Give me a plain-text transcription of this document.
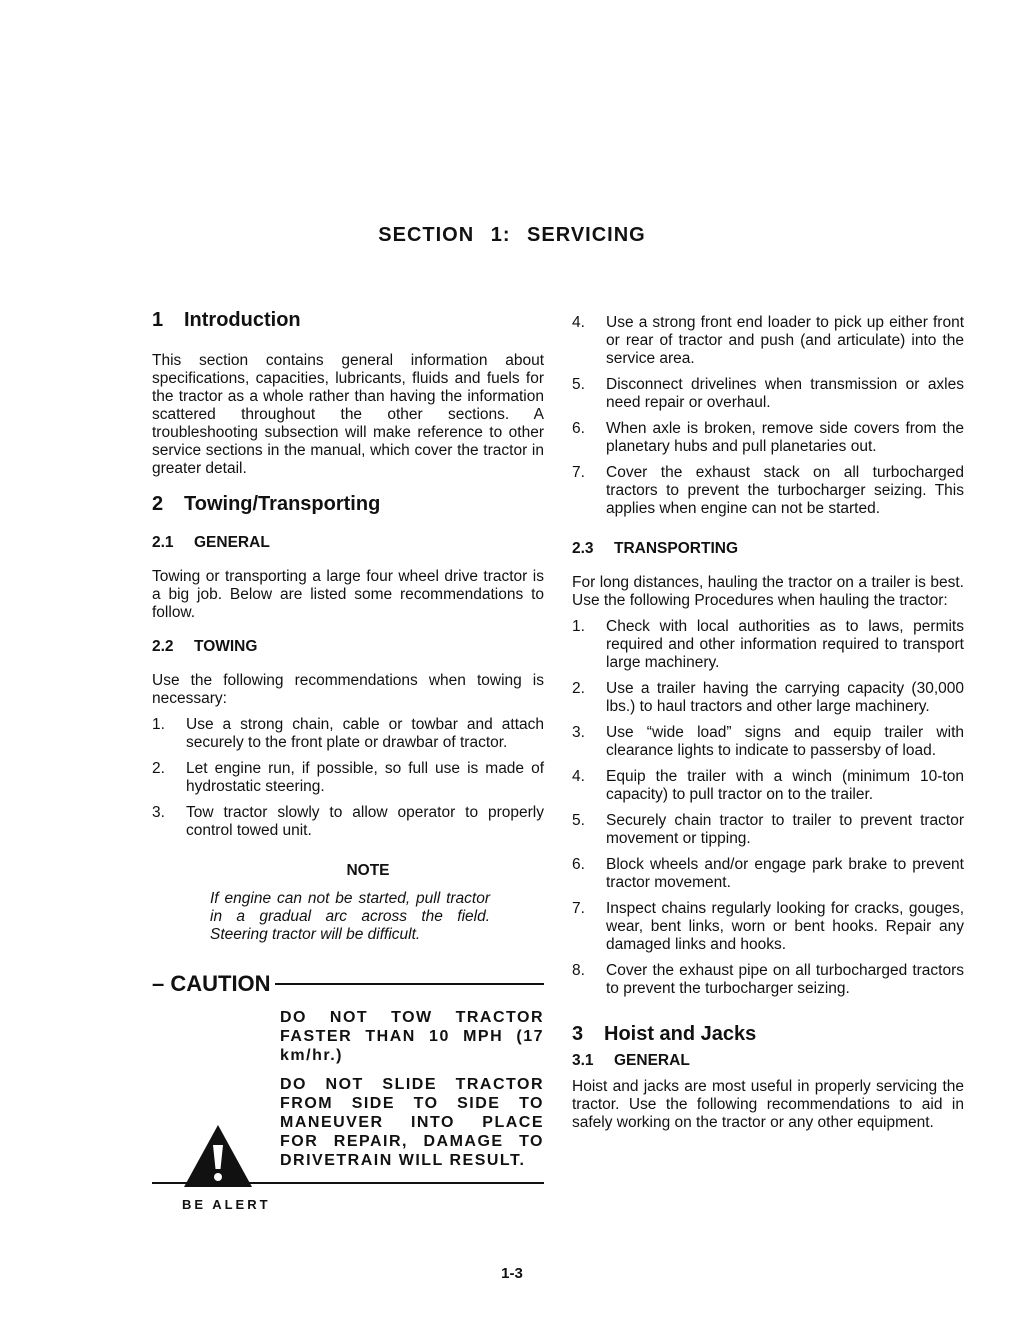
SECTION 1: SERVICING
1	Introduction

This section contains general information about specifications, capacities, lubricants, fluids and fuels for the tractor as a whole rather than having the information scattered throughout the other sections. A troubleshooting subsection will make reference to other service sections in the manual, which cover the tractor in greater detail.

2	Towing/Transporting
2.1	GENERAL

Towing or transporting a large four wheel drive tractor is a big job. Below are listed some recommendations to follow.

2.2	TOWING

Use the following recommendations when towing is necessary:

1.	Use a strong chain, cable or towbar and attach securely to the front plate or drawbar of tractor.
2.	Let engine run, if possible, so full use is made of hydrostatic steering.
3.	Tow tractor slowly to allow operator to properly control towed unit.
NOTE
If engine can not be started, pull tractor in a gradual arc across the field. Steering tractor will be difficult.
– CAUTION
BE ALERT
DO NOT TOW TRACTOR FASTER THAN 10 MPH (17 km/hr.)
DO NOT SLIDE TRACTOR FROM SIDE TO SIDE TO MANEUVER INTO PLACE FOR REPAIR, DAMAGE TO DRIVETRAIN WILL RESULT.
4.	Use a strong front end loader to pick up either front or rear of tractor and push (and articulate) into the service area.
5.	Disconnect drivelines when transmission or axles need repair or overhaul.
6.	When axle is broken, remove side covers from the planetary hubs and pull planetaries out.
7.	Cover the exhaust stack on all turbocharged tractors to prevent the turbocharger seizing. This applies when engine can not be started.
2.3	TRANSPORTING

For long distances, hauling the tractor on a trailer is best. Use the following Procedures when hauling the tractor:

1.	Check with local authorities as to laws, permits required and other information required to transport large machinery.
2.	Use a trailer having the carrying capacity (30,000 lbs.) to haul tractors and other large machinery.
3.	Use “wide load” signs and equip trailer with clearance lights to indicate to passersby of load.
4.	Equip the trailer with a winch (minimum 10-ton capacity) to pull tractor on to the trailer.
5.	Securely chain tractor to trailer to prevent tractor movement or tipping.
6.	Block wheels and/or engage park brake to prevent tractor movement.
7.	Inspect chains regularly looking for cracks, gouges, wear, bent links, worn or bent hooks. Repair any damaged links and hooks.
8.	Cover the exhaust pipe on all turbocharged tractors to prevent the turbocharger seizing.
3	Hoist and Jacks
3.1	GENERAL

Hoist and jacks are most useful in properly servicing the tractor. Use the following recommendations to aid in safely working on the tractor or any other equipment.

1-3
